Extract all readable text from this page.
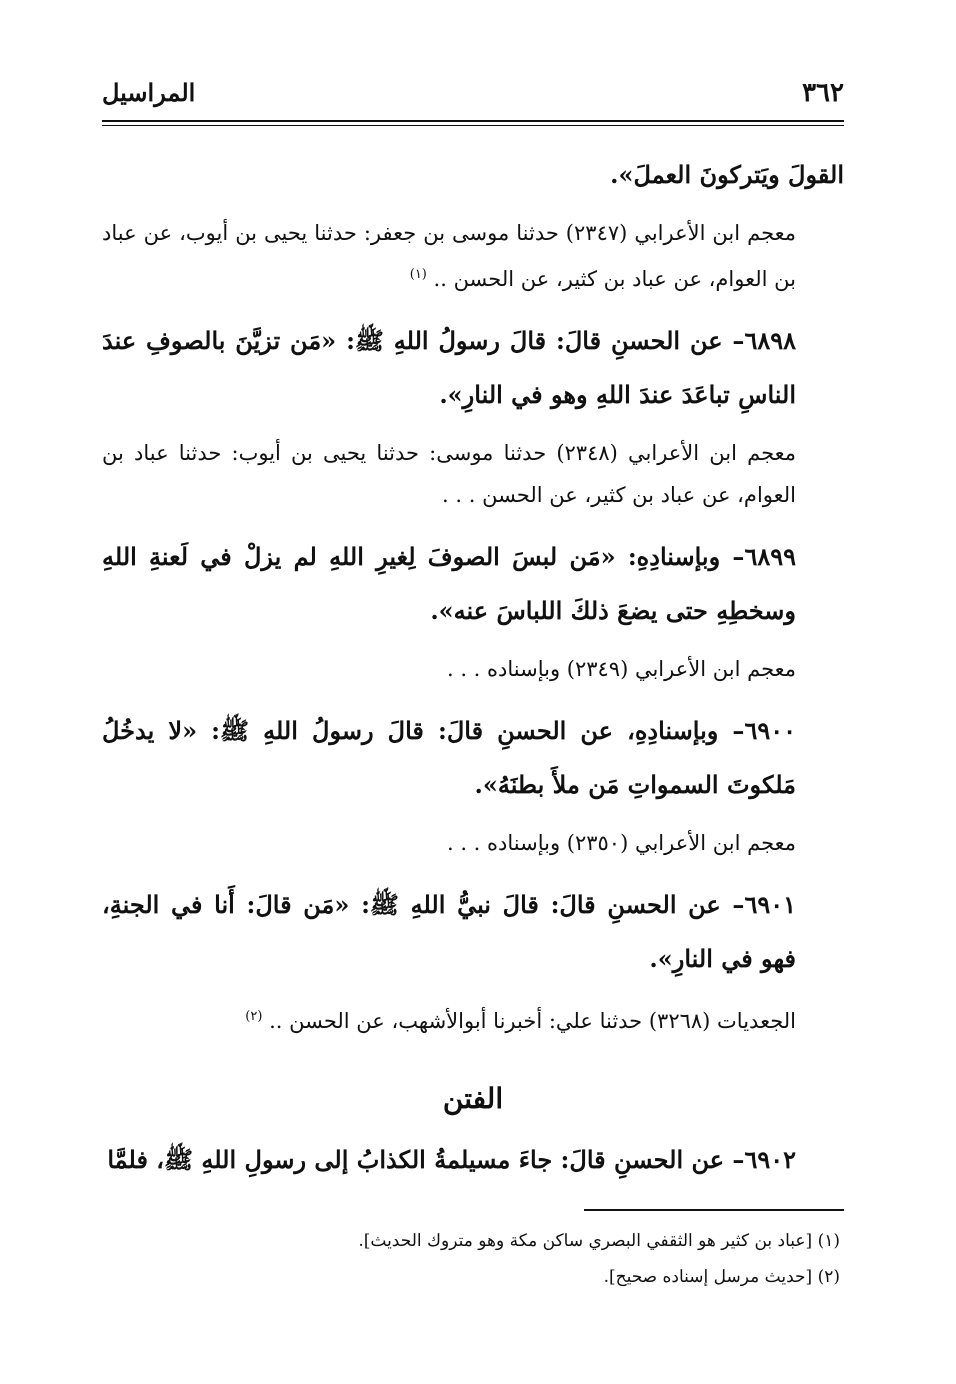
٣٦٢
المراسيل
القولَ ويَتركونَ العملَ».
معجم ابن الأعرابي (٢٣٤٧) حدثنا موسى بن جعفر: حدثنا يحيى بن أيوب، عن عباد بن العوام، عن عباد بن كثير، عن الحسن .. $^{(١)}$
٦٨٩٨– عن الحسنِ قالَ: قالَ رسولُ اللهِ ﷺ: «مَن تزيَّنَ بالصوفِ عندَ الناسِ تباعَدَ عندَ اللهِ وهو في النارِ».
معجم ابن الأعرابي (٢٣٤٨) حدثنا موسى: حدثنا يحيى بن أيوب: حدثنا عباد بن العوام، عن عباد بن كثير، عن الحسن . . .
٦٨٩٩– وبإسنادِهِ: «مَن لبسَ الصوفَ لِغيرِ اللهِ لم يزلْ في لَعنةِ اللهِ وسخطِهِ حتى يضعَ ذلكَ اللباسَ عنه».
معجم ابن الأعرابي (٢٣٤٩) وبإسناده . . .
٦٩٠٠– وبإسنادِهِ، عن الحسنِ قالَ: قالَ رسولُ اللهِ ﷺ: «لا يدخُلُ مَلكوتَ السمواتِ مَن ملأَ بطنَهُ».
معجم ابن الأعرابي (٢٣٥٠) وبإسناده . . .
٦٩٠١– عن الحسنِ قالَ: قالَ نبيُّ اللهِ ﷺ: «مَن قالَ: أَنا في الجنةِ، فهو في النارِ».
الجعديات (٣٢٦٨) حدثنا علي: أخبرنا أبوالأشهب، عن الحسن .. $^{(٢)}$
الفتن
٦٩٠٢– عن الحسنِ قالَ: جاءَ مسيلمةُ الكذابُ إلى رسولِ اللهِ ﷺ، فلمَّا
(١) [عباد بن كثير هو الثقفي البصري ساكن مكة وهو متروك الحديث].
(٢) [حديث مرسل إسناده صحيح].
